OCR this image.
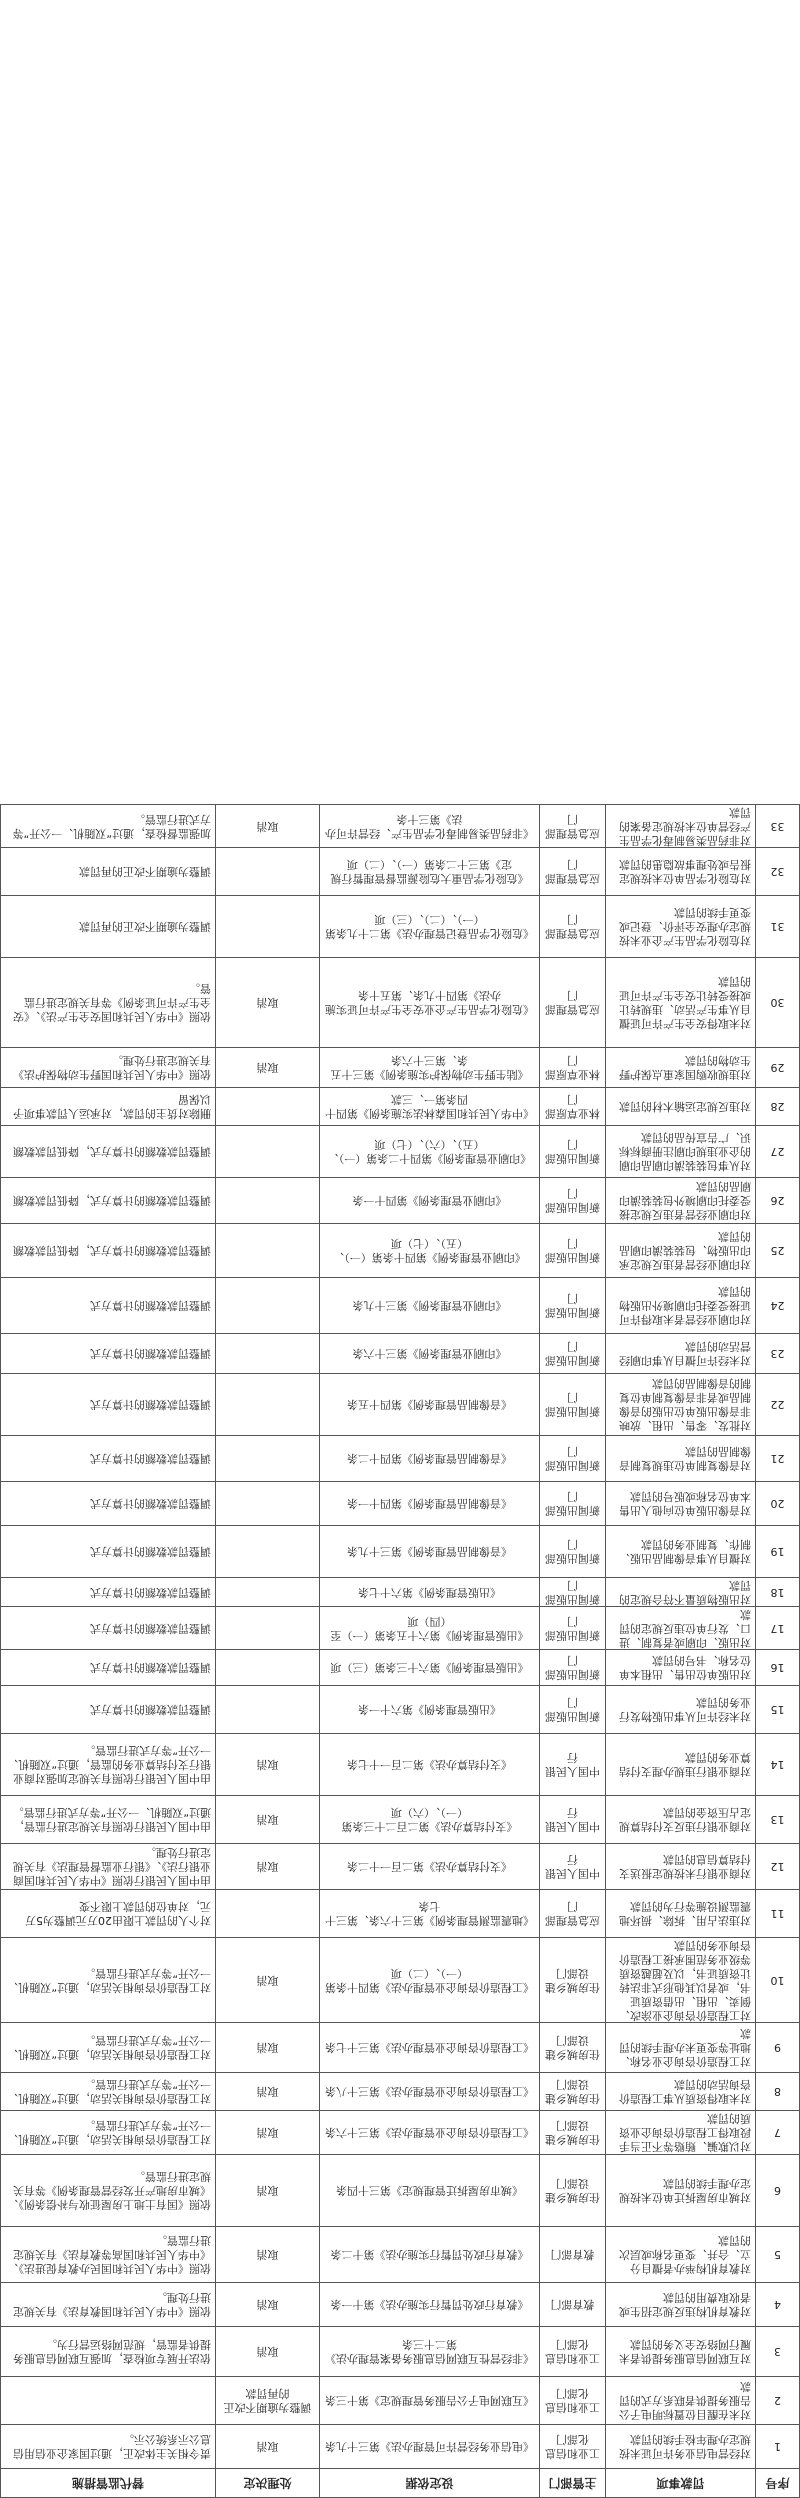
序号	罚款事项	主管部门	设定依据	处理决定	替代监管措施
1	对经营电信业务许可证未按规定办理年检手续的罚款	工业和信息化部门	《电信业务经营许可管理办法》第三十九条	取消	责令相关主体改正，通过国家企业信用信息公示系统公示。
2	对未在醒目位置标明电子公告服务提供者联系方式的罚款	工业和信息化部门	《互联网电子公告服务管理规定》第十三条	调整为逾期不改正的再罚款	
3	对互联网信息服务提供者未履行网络安全义务的罚款	工业和信息化部门	《非经营性互联网信息服务备案管理办法》第二十三条	取消	依法开展专项检查，加强互联网信息服务提供者监管，规范网络运营行为。
4	对教育机构违反规定招生或者收取费用的罚款	教育部门	《教育行政处罚暂行实施办法》第十一条	取消	依照《中华人民共和国教育法》有关规定进行处理。
5	对教育机构举办者擅自分立、合并、变更名称或层次的罚款	教育部门	《教育行政处罚暂行实施办法》第十二条	取消	依照《中华人民共和国民办教育促进法》、《中华人民共和国高等教育法》有关规定进行监管。
6	对城市房屋拆迁单位未按规定办理手续的罚款	住房城乡建设部门	《城市房屋拆迁管理规定》第三十四条	取消	依照《国有土地上房屋征收与补偿条例》、《城市房地产开发经营管理条例》等有关规定进行监管。
7	对以欺骗、贿赂等不正当手段取得工程造价咨询企业资质的罚款	住房城乡建设部门	《工程造价咨询企业管理办法》第三十六条	取消	对工程造价咨询相关活动，通过“双随机、一公开”等方式进行监管。
8	对未取得资质从事工程造价咨询活动的罚款	住房城乡建设部门	《工程造价咨询企业管理办法》第三十八条	取消	对工程造价咨询相关活动，通过“双随机、一公开”等方式进行监管。
9	对工程造价咨询企业名称、地址等变更未办理手续的罚款	住房城乡建设部门	《工程造价咨询企业管理办法》第三十七条	取消	对工程造价咨询相关活动，通过“双随机、一公开”等方式进行监管。
10	对工程造价咨询企业涂改、倒卖、出租、出借资质证书，或者以其他形式非法转让资质证书，以及超越资质等级业务范围承接工程造价咨询业务的罚款	住房城乡建设部门	《工程造价咨询企业管理办法》第四十条第（一）、（二）项	取消	对工程造价咨询相关活动，通过“双随机、一公开”等方式进行监管。
11	对违法占用、拆除、损坏地震监测设施等行为的罚款	应急管理部门	《地震监测管理条例》第三十六条、第三十七条		对个人的罚款上限由20万元调整为5万元，对单位的罚款上限不变
12	对商业银行未按规定报送支付结算信息的罚款	中国人民银行	《支付结算办法》第二百一十二条	取消	由中国人民银行依照《中华人民共和国商业银行法》、《银行业监督管理法》有关规定进行处理。
13	对商业银行违反支付结算规定占压资金的罚款	中国人民银行	《支付结算办法》第二百二十三条第（一）、（六）项	取消	由中国人民银行依照有关规定进行监管，通过“双随机、一公开”等方式进行监管。
14	对商业银行违规办理支付结算业务的罚款	中国人民银行	《支付结算办法》第二百一十七条	取消	由中国人民银行依照有关规定加强对商业银行支付结算业务的监管，通过“双随机、一公开”等方式进行监管。
15	对未经许可从事出版物发行业务的罚款	新闻出版部门	《出版管理条例》第六十一条		调整罚款数额的计算方式
16	对出版单位出售、出租本单位名称、书号的罚款	新闻出版部门	《出版管理条例》第六十三条第（三）项		调整罚款数额的计算方式
17	对出版、印刷或者复制、进口、发行单位违反规定的罚款	新闻出版部门	《出版管理条例》第六十五条第（一）至（四）项		调整罚款数额的计算方式
18	对出版物质量不符合规定的罚款	新闻出版部门	《出版管理条例》第六十七条		调整罚款数额的计算方式
19	对擅自从事音像制品出版、制作、复制业务的罚款	新闻出版部门	《音像制品管理条例》第三十九条		调整罚款数额的计算方式
20	对音像出版单位向他人出售本单位名称或版号的罚款	新闻出版部门	《音像制品管理条例》第四十一条		调整罚款数额的计算方式
21	对音像复制单位违规复制音像制品的罚款	新闻出版部门	《音像制品管理条例》第四十二条		调整罚款数额的计算方式
22	对批发、零售、出租、放映非音像出版单位出版的音像制品或者非音像复制单位复制的音像制品的罚款	新闻出版部门	《音像制品管理条例》第四十五条		调整罚款数额的计算方式
23	对未经许可擅自从事印刷经营活动的罚款	新闻出版部门	《印刷业管理条例》第三十六条		调整罚款数额的计算方式
24	对印刷业经营者未取得许可证接受委托印刷境外出版物的罚款	新闻出版部门	《印刷业管理条例》第三十九条		调整罚款数额的计算方式
25	对印刷业经营者违反规定承印出版物、包装装潢印刷品的罚款	新闻出版部门	《印刷业管理条例》第四十条第（一）、（五）、（七）项		调整罚款数额的计算方式，降低罚款数额
26	对印刷业经营者违反规定接受委托印刷境外包装装潢印刷品的罚款	新闻出版部门	《印刷业管理条例》第四十一条		调整罚款数额的计算方式，降低罚款数额
27	对从事包装装潢印刷品印刷的企业违规印刷注册商标标识、广告宣传品的罚款	新闻出版部门	《印刷业管理条例》第四十二条第（一）、（五）、（六）、（七）项		调整罚款数额的计算方式，降低罚款数额
28	对违反规定运输木材的罚款	林业草原部门	《中华人民共和国森林法实施条例》第四十四条第一、三款		删除对货主的罚款，对承运人罚款事项予以保留
29	对违规收购国家重点保护野生动物的罚款	林业草原部门	《陆生野生动物保护实施条例》第三十五条、第三十六条	取消	依照《中华人民共和国野生动物保护法》有关规定进行处理。
30	对未取得安全生产许可证擅自从事生产活动、违规转让或接受转让安全生产许可证的罚款	应急管理部门	《危险化学品生产企业安全生产许可证实施办法》第四十九条、第五十条	取消	依照《中华人民共和国安全生产法》、《安全生产许可证条例》等有关规定进行监管。
31	对危险化学品生产企业未按规定办理安全评价、登记或变更手续的罚款	应急管理部门	《危险化学品登记管理办法》第二十九条第（一）、（二）、（三）项		调整为逾期不改正的再罚款
32	对危险化学品单位未按规定报告或处理事故隐患的罚款	应急管理部门	《危险化学品重大危险源监督管理暂行规定》第三十二条第（一）、（二）项		调整为逾期不改正的再罚款
33	对非药品类易制毒化学品生产经营单位未按规定备案的罚款	应急管理部门	《非药品类易制毒化学品生产、经营许可办法》第三十条	取消	加强监督检查，通过“双随机、一公开”等方式进行监管。
